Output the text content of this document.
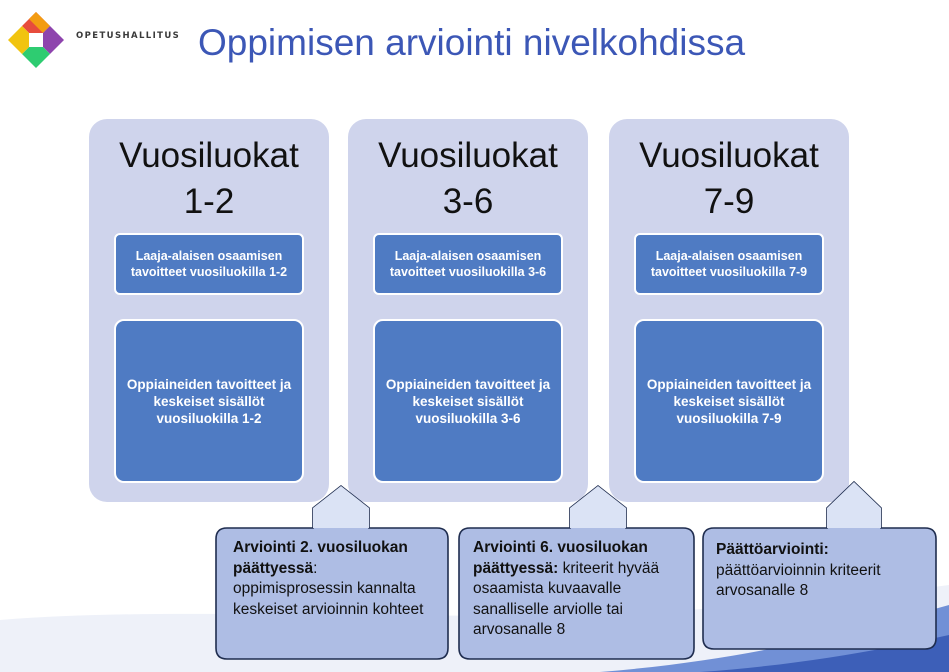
OPETUSHALLITUS Oppimisen arviointi nivelkohdissa
Vuosiluokat
1-2
Laaja-alaisen osaamisen tavoitteet vuosiluokilla 1-2
Oppiaineiden tavoitteet ja keskeiset sisällöt vuosiluokilla 1-2
Vuosiluokat
3-6
Laaja-alaisen osaamisen tavoitteet vuosiluokilla 3-6
Oppiaineiden tavoitteet ja keskeiset sisällöt vuosiluokilla 3-6
Vuosiluokat
7-9
Laaja-alaisen osaamisen tavoitteet vuosiluokilla 7-9
Oppiaineiden tavoitteet ja keskeiset sisällöt vuosiluokilla 7-9
Arviointi 2. vuosiluokan päättyessä: oppimisprosessin kannalta keskeiset arvioinnin kohteet
Arviointi 6. vuosiluokan päättyessä: kriteerit hyvää osaamista kuvaavalle sanalliselle arviolle tai arvosanalle 8
Päättöarviointi: päättöarvioinnin kriteerit arvosanalle 8
